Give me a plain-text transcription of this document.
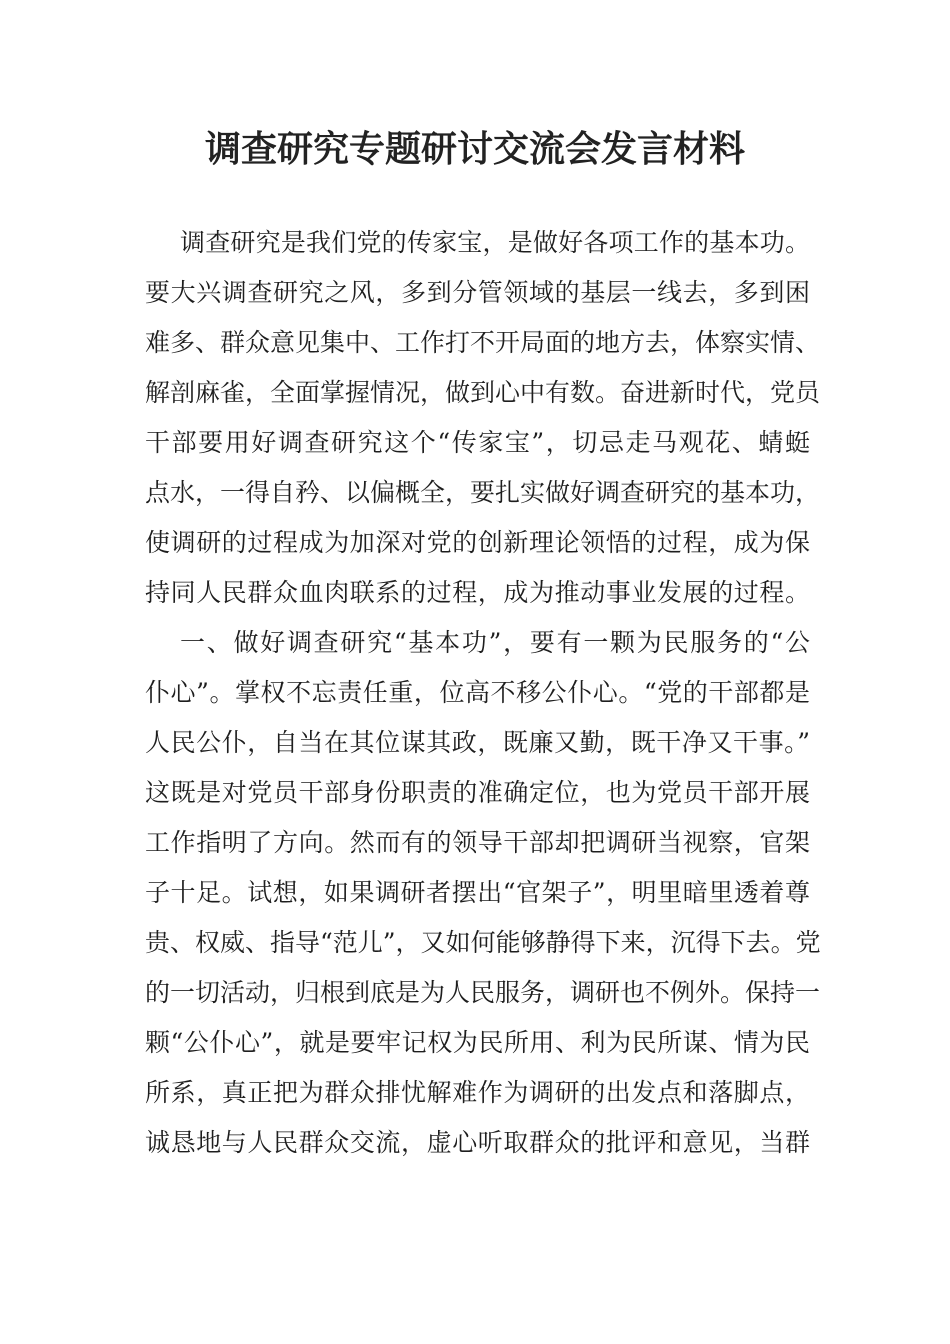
调查研究专题研讨交流会发言材料
调查研究是我们党的传家宝，是做好各项工作的基本功。
要大兴调查研究之风，多到分管领域的基层一线去，多到困
难多、群众意见集中、工作打不开局面的地方去，体察实情、
解剖麻雀，全面掌握情况，做到心中有数。奋进新时代，党员
干部要用好调查研究这个“传家宝”，切忌走马观花、蜻蜓
点水，一得自矜、以偏概全，要扎实做好调查研究的基本功，
使调研的过程成为加深对党的创新理论领悟的过程，成为保
持同人民群众血肉联系的过程，成为推动事业发展的过程。
一、做好调查研究“基本功”，要有一颗为民服务的“公
仆心”。掌权不忘责任重，位高不移公仆心。“党的干部都是
人民公仆，自当在其位谋其政，既廉又勤，既干净又干事。”
这既是对党员干部身份职责的准确定位，也为党员干部开展
工作指明了方向。然而有的领导干部却把调研当视察，官架
子十足。试想，如果调研者摆出“官架子”，明里暗里透着尊
贵、权威、指导“范儿”，又如何能够静得下来，沉得下去。党
的一切活动，归根到底是为人民服务，调研也不例外。保持一
颗“公仆心”，就是要牢记权为民所用、利为民所谋、情为民
所系，真正把为群众排忧解难作为调研的出发点和落脚点，
诚恳地与人民群众交流，虚心听取群众的批评和意见，当群
